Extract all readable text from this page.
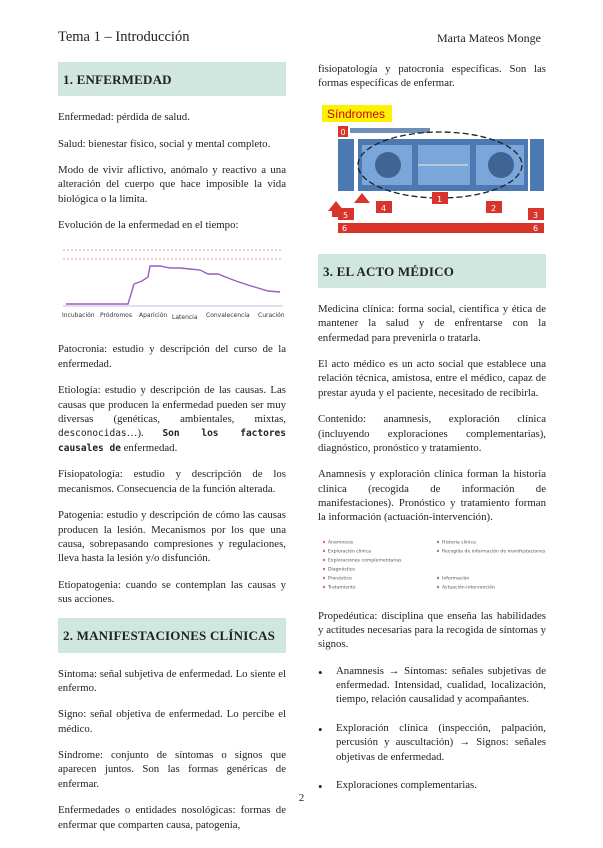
Tema 1 – Introducción	Marta Mateos Monge
1. ENFERMEDAD

Enfermedad: pérdida de salud.

Salud: bienestar físico, social y mental completo.

Modo de vivir aflictivo, anómalo y reactivo a una alteración del cuerpo que hace imposible la vida biológica o la limita.

Evolución de la enfermedad en el tiempo:

Incubación Pródromos Aparición Latencia Convalecencia Curación

Patocronia: estudio y descripción del curso de la enfermedad.

Etiología: estudio y descripción de las causas. Las causas que producen la enfermedad pueden ser muy diversas (genéticas, ambientales, mixtas, desconocidas…). Son los factores causales de enfermedad.

Fisiopatología: estudio y descripción de los mecanismos. Consecuencia de la función alterada.

Patogenia: estudio y descripción de cómo las causas producen la lesión. Mecanismos por los que una causa, sobrepasando compresiones y regulaciones, lleva hasta la lesión y/o disfunción.

Etiopatogenia: cuando se contemplan las causas y sus acciones.

2. MANIFESTACIONES CLÍNICAS

Síntoma: señal subjetiva de enfermedad. Lo siente el enfermo.

Signo: señal objetiva de enfermedad. Lo percibe el médico.

Síndrome: conjunto de síntomas o signos que aparecen juntos. Son las formas genéricas de enfermar.

Enfermedades o entidades nosológicas: formas de enfermar que comparten causa, patogenia,

fisiopatología y patocronia específicas. Son las formas específicas de enfermar.

Síndromes
0
1
2
3
4
5
6	6
3. EL ACTO MÉDICO

Medicina clínica: forma social, científica y ética de mantener la salud y de enfrentarse con la enfermedad para prevenirla o tratarla.

El acto médico es un acto social que establece una relación técnica, amistosa, entre el médico, capaz de prestar ayuda y el paciente, necesitado de recibirla.

Contenido: anamnesis, exploración clínica (incluyendo exploraciones complementarias), diagnóstico, pronóstico y tratamiento.

Anamnesis y exploración clínica forman la historia clínica (recogida de información de manifestaciones). Pronóstico y tratamiento forman la información (actuación-intervención).

Anamnesis
Exploración clínica
Exploraciones complementarias
Diagnóstico
Pronóstico
Tratamiento
Historia clínica
Recogida de información de manifestaciones
Información
Actuación-intervención

Propedéutica: disciplina que enseña las habilidades y actitudes necesarias para la recogida de síntomas y signos.

• Anamnesis → Síntomas: señales subjetivas de enfermedad. Intensidad, cualidad, localización, tiempo, relación causalidad y acompañantes.
• Exploración clínica (inspección, palpación, percusión y auscultación) → Signos: señales objetivas de enfermedad.
• Exploraciones complementarias.
2
